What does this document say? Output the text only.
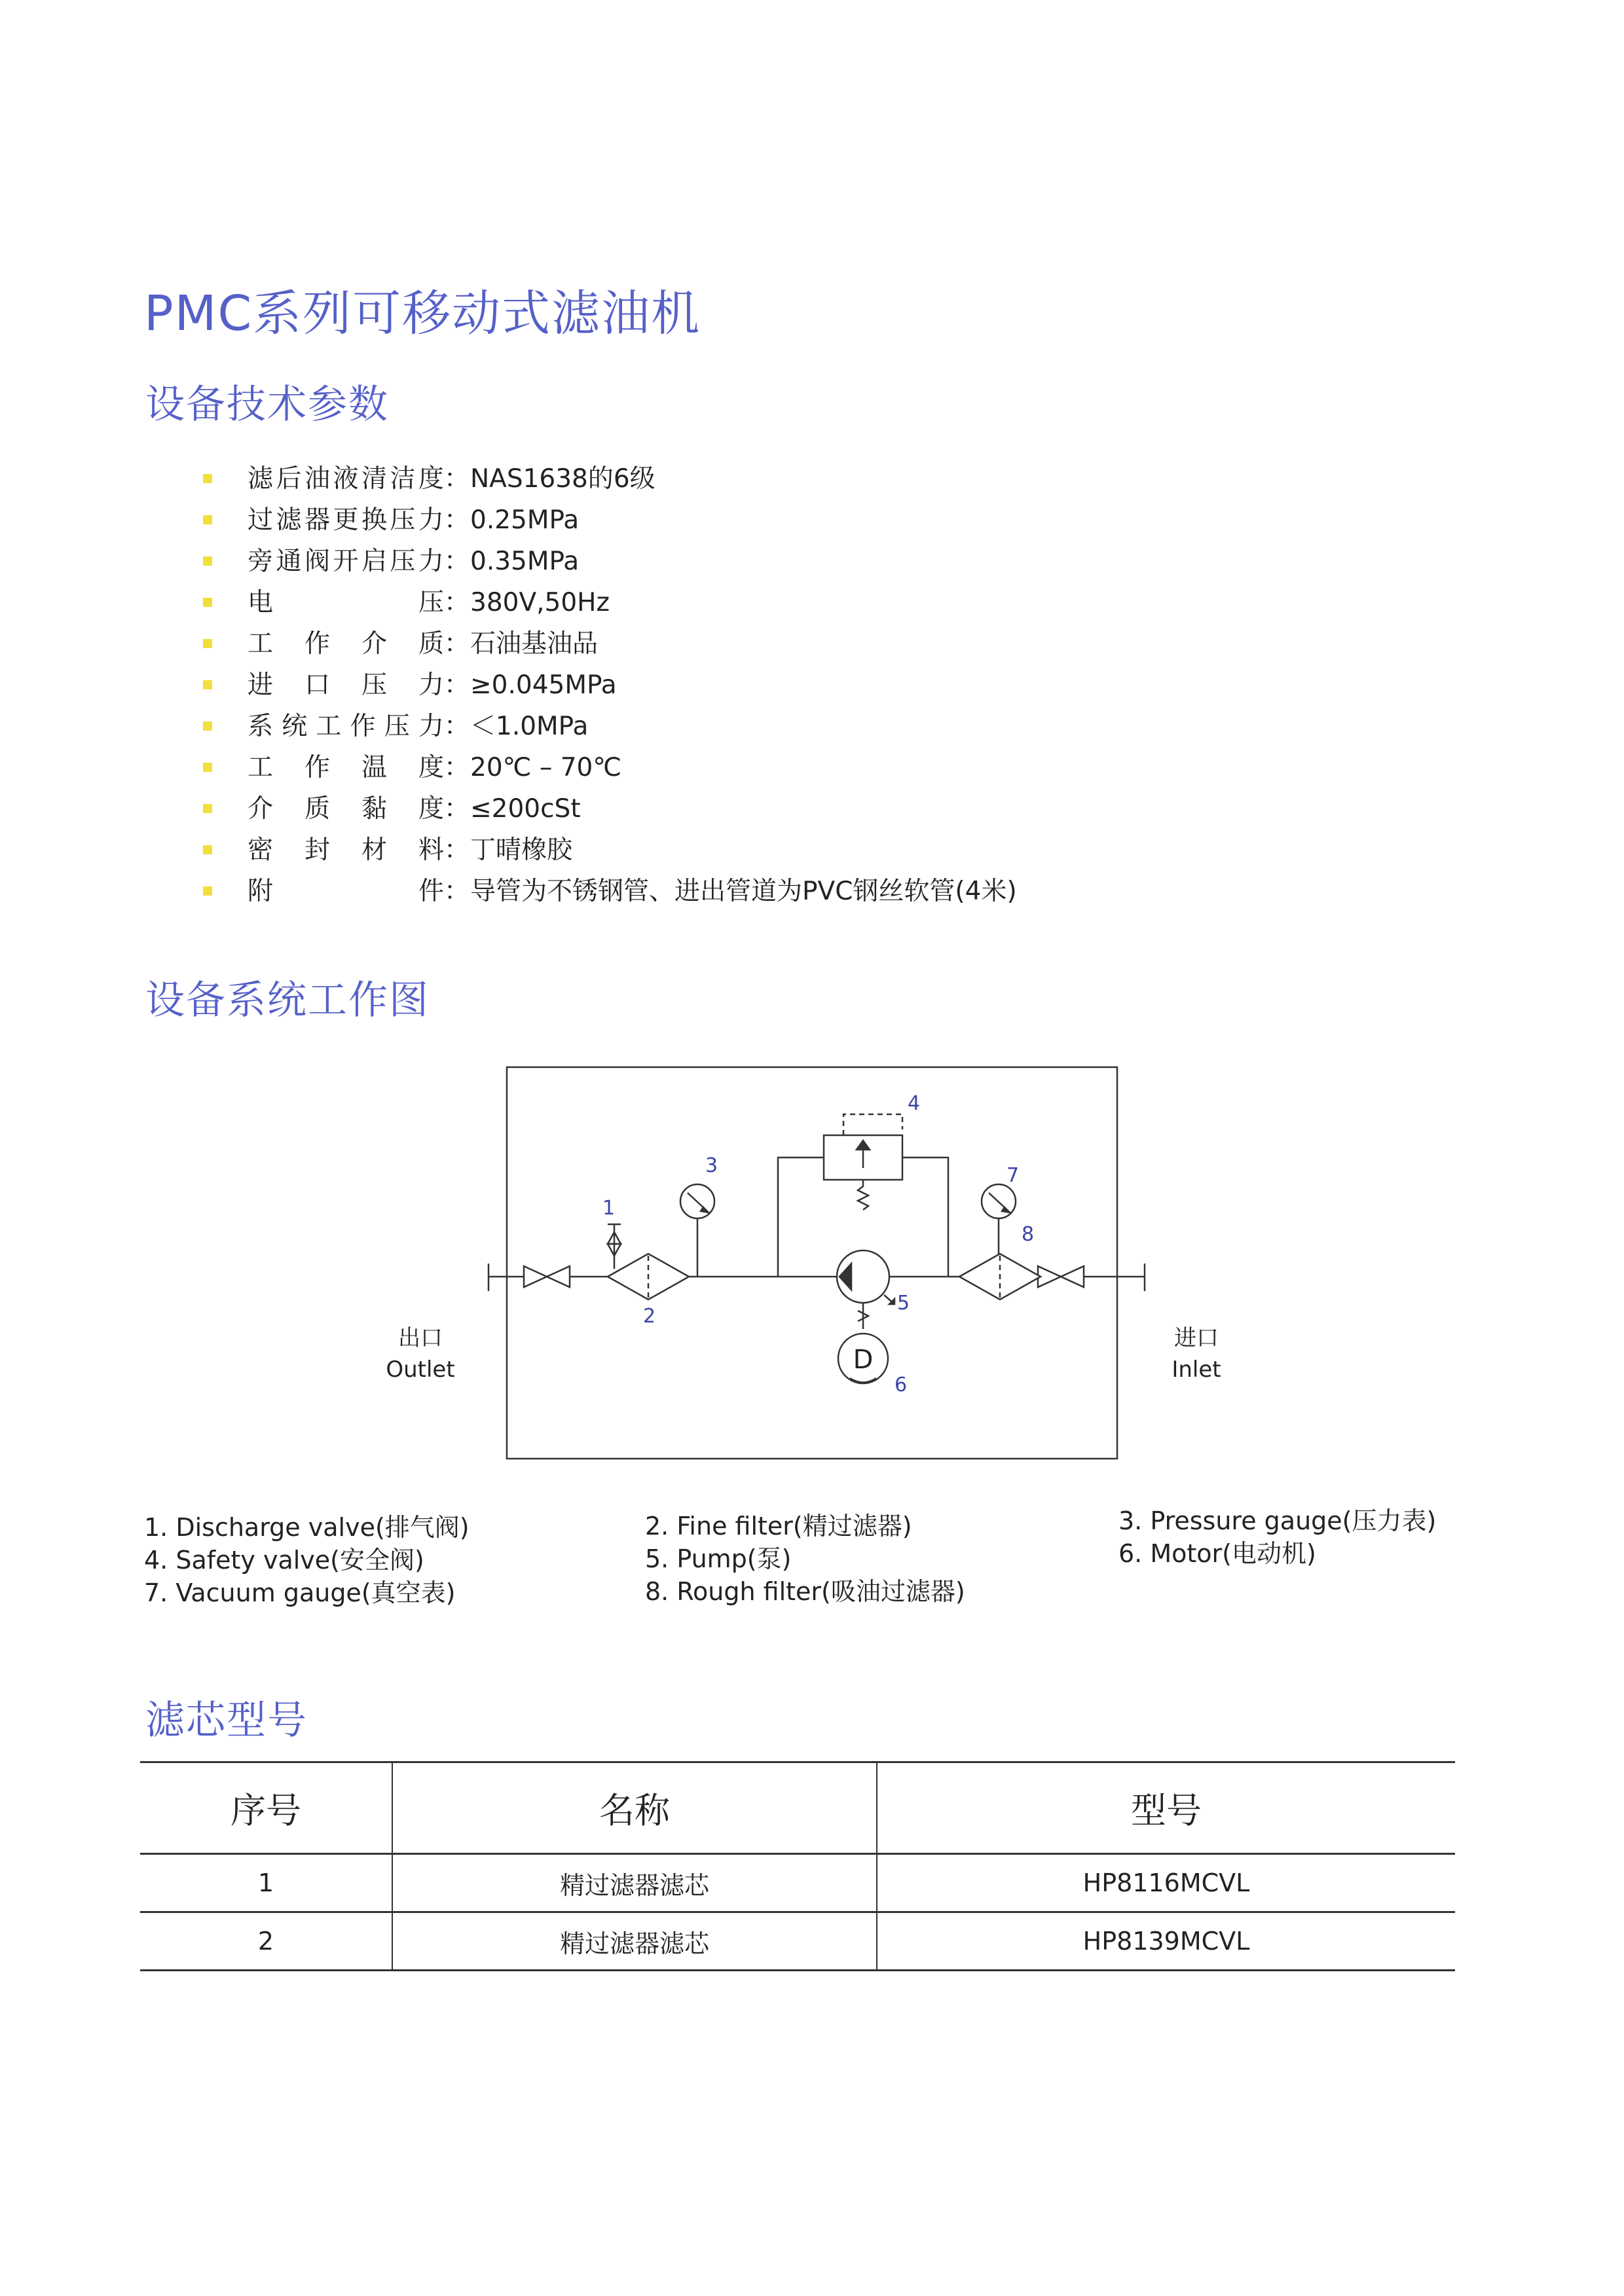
PMC系列可移动式滤油机
设备技术参数
滤 后 油 液 清 洁 度 ： NAS1638的6级
过 滤 器 更 换 压 力 ： 0.25MPa
旁 通 阀 开 启 压 力 ： 0.35MPa
电	压 ： 380V,50Hz
工 作 介 质 ： 石油基油品
进 口 压 力 ： ≥0.045MPa
系 统 工 作 压 力 ： ＜1.0MPa
工 作 温 度 ： 20℃ – 70℃
介 质 黏 度 ： ≤200cSt
密 封 材 料 ： 丁晴橡胶
附	件 ： 导管为不锈钢管、进出管道为PVC钢丝软管(4米)
设备系统工作图
D
1
2
3
4
5
6
7
8
出口
Outlet
进口
Inlet
1. Discharge valve(排气阀)
4. Safety valve(安全阀)
7. Vacuum gauge(真空表)
2. Fine filter(精过滤器)
5. Pump(泵)
8. Rough filter(吸油过滤器)
3. Pressure gauge(压力表)
6. Motor(电动机)
滤芯型号
序号	名称	型号
1	精过滤器滤芯	HP8116MCVL
2	精过滤器滤芯	HP8139MCVL
